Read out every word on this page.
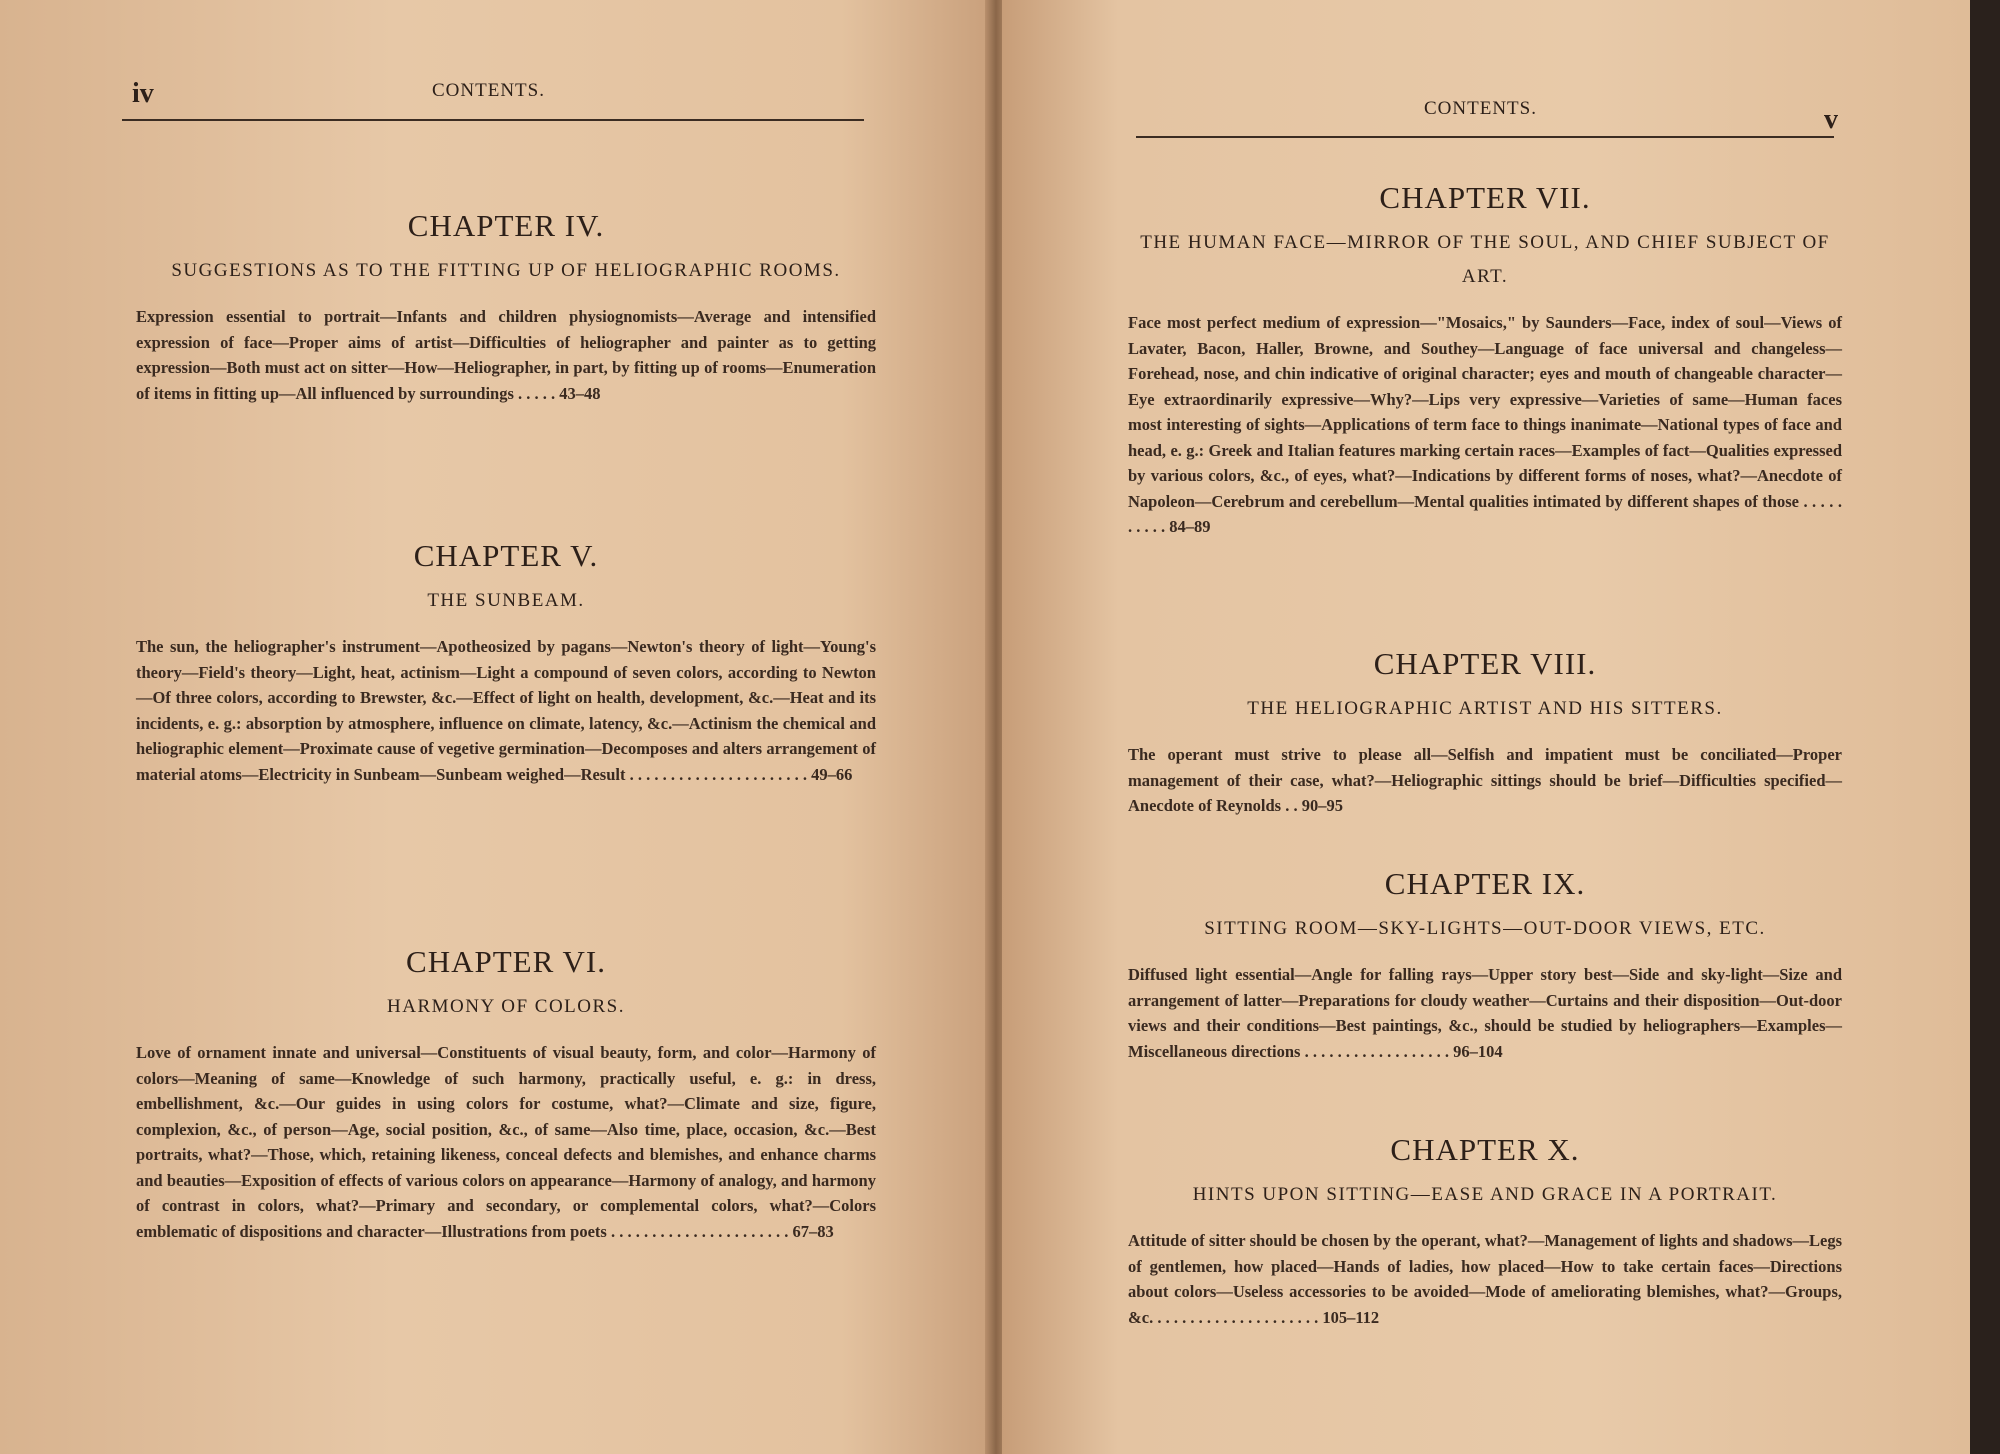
iv	CONTENTS.
CHAPTER IV.
SUGGESTIONS AS TO THE FITTING UP OF HELIOGRAPHIC ROOMS.

Expression essential to portrait—Infants and children physiognomists—Average and intensified expression of face—Proper aims of artist—Difficulties of heliographer and painter as to getting expression—Both must act on sitter—How—Heliographer, in part, by fitting up of rooms—Enumeration of items in fitting up—All influenced by surroundings . . . . . 43–48

CHAPTER V.
THE SUNBEAM.

The sun, the heliographer's instrument—Apotheosized by pagans—Newton's theory of light—Young's theory—Field's theory—Light, heat, actinism—Light a compound of seven colors, according to Newton—Of three colors, according to Brewster, &c.—Effect of light on health, development, &c.—Heat and its incidents, e. g.: absorption by atmosphere, influence on climate, latency, &c.—Actinism the chemical and heliographic element—Proximate cause of vegetive germination—Decomposes and alters arrangement of material atoms—Electricity in Sunbeam—Sunbeam weighed—Result . . . . . . . . . . . . . . . . . . . . . . 49–66

CHAPTER VI.
HARMONY OF COLORS.

Love of ornament innate and universal—Constituents of visual beauty, form, and color—Harmony of colors—Meaning of same—Knowledge of such harmony, practically useful, e. g.: in dress, embellishment, &c.—Our guides in using colors for costume, what?—Climate and size, figure, complexion, &c., of person—Age, social position, &c., of same—Also time, place, occasion, &c.—Best portraits, what?—Those, which, retaining likeness, conceal defects and blemishes, and enhance charms and beauties—Exposition of effects of various colors on appearance—Harmony of analogy, and harmony of contrast in colors, what?—Primary and secondary, or complemental colors, what?—Colors emblematic of dispositions and character—Illustrations from poets . . . . . . . . . . . . . . . . . . . . . . 67–83

CONTENTS.	v
CHAPTER VII.
THE HUMAN FACE—MIRROR OF THE SOUL, AND CHIEF SUBJECT OF ART.

Face most perfect medium of expression—"Mosaics," by Saunders—Face, index of soul—Views of Lavater, Bacon, Haller, Browne, and Southey—Language of face universal and changeless—Forehead, nose, and chin indicative of original character; eyes and mouth of changeable character—Eye extraordinarily expressive—Why?—Lips very expressive—Varieties of same—Human faces most interesting of sights—Applications of term face to things inanimate—National types of face and head, e. g.: Greek and Italian features marking certain races—Examples of fact—Qualities expressed by various colors, &c., of eyes, what?—Indications by different forms of noses, what?—Anecdote of Napoleon—Cerebrum and cerebellum—Mental qualities intimated by different shapes of those . . . . . . . . . . 84–89

CHAPTER VIII.
THE HELIOGRAPHIC ARTIST AND HIS SITTERS.

The operant must strive to please all—Selfish and impatient must be conciliated—Proper management of their case, what?—Heliographic sittings should be brief—Difficulties specified—Anecdote of Reynolds . . 90–95

CHAPTER IX.
SITTING ROOM—SKY-LIGHTS—OUT-DOOR VIEWS, ETC.

Diffused light essential—Angle for falling rays—Upper story best—Side and sky-light—Size and arrangement of latter—Preparations for cloudy weather—Curtains and their disposition—Out-door views and their conditions—Best paintings, &c., should be studied by heliographers—Examples—Miscellaneous directions . . . . . . . . . . . . . . . . . . 96–104

CHAPTER X.
HINTS UPON SITTING—EASE AND GRACE IN A PORTRAIT.

Attitude of sitter should be chosen by the operant, what?—Management of lights and shadows—Legs of gentlemen, how placed—Hands of ladies, how placed—How to take certain faces—Directions about colors—Useless accessories to be avoided—Mode of ameliorating blemishes, what?—Groups, &c. . . . . . . . . . . . . . . . . . . . . 105–112
